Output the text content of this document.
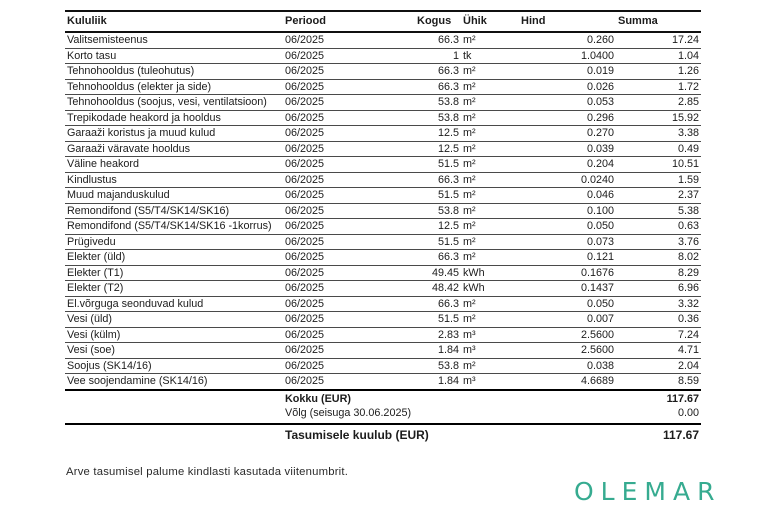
Kululiik	Periood	Kogus	Ühik	Hind	Summa
Valitsemisteenus	06/2025	66.3	m²	0.260	17.24
Korto tasu	06/2025	1	tk	1.0400	1.04
Tehnohooldus (tuleohutus)	06/2025	66.3	m²	0.019	1.26
Tehnohooldus (elekter ja side)	06/2025	66.3	m²	0.026	1.72
Tehnohooldus (soojus, vesi, ventilatsioon)	06/2025	53.8	m²	0.053	2.85
Trepikodade heakord ja hooldus	06/2025	53.8	m²	0.296	15.92
Garaaži koristus ja muud kulud	06/2025	12.5	m²	0.270	3.38
Garaaži väravate hooldus	06/2025	12.5	m²	0.039	0.49
Väline heakord	06/2025	51.5	m²	0.204	10.51
Kindlustus	06/2025	66.3	m²	0.0240	1.59
Muud majanduskulud	06/2025	51.5	m²	0.046	2.37
Remondifond (S5/T4/SK14/SK16)	06/2025	53.8	m²	0.100	5.38
Remondifond (S5/T4/SK14/SK16 -1korrus)	06/2025	12.5	m²	0.050	0.63
Prügivedu	06/2025	51.5	m²	0.073	3.76
Elekter (üld)	06/2025	66.3	m²	0.121	8.02
Elekter (T1)	06/2025	49.45	kWh	0.1676	8.29
Elekter (T2)	06/2025	48.42	kWh	0.1437	6.96
El.võrguga seonduvad kulud	06/2025	66.3	m²	0.050	3.32
Vesi (üld)	06/2025	51.5	m²	0.007	0.36
Vesi (külm)	06/2025	2.83	m³	2.5600	7.24
Vesi (soe)	06/2025	1.84	m³	2.5600	4.71
Soojus (SK14/16)	06/2025	53.8	m²	0.038	2.04
Vee soojendamine (SK14/16)	06/2025	1.84	m³	4.6689	8.59
	Kokku (EUR)				117.67
	Võlg (seisuga 30.06.2025)				0.00
	Tasumisele kuulub (EUR)				117.67
Arve tasumisel palume kindlasti kasutada viitenumbrit.
OLEMAR
